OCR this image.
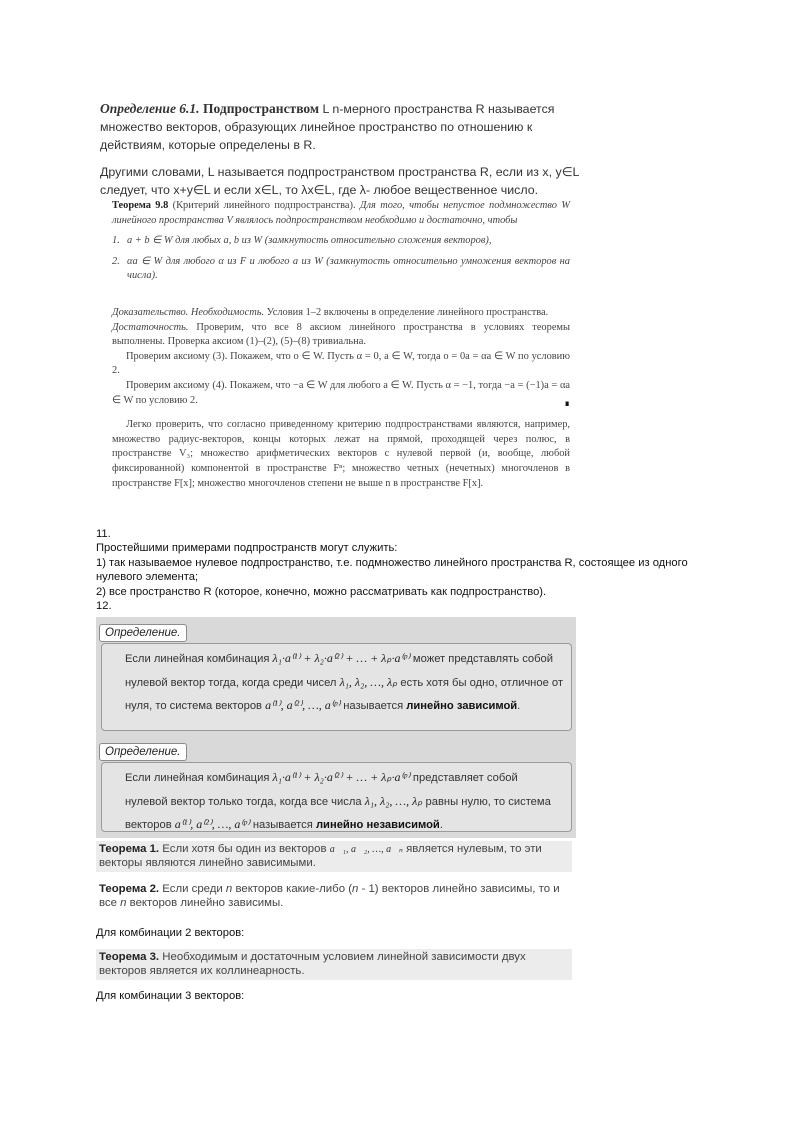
Определение 6.1. Подпространством L n-мерного пространства R называется множество векторов, образующих линейное пространство по отношению к действиям, которые определены в R.

Другими словами, L называется подпространством пространства R, если из x, y∈L следует, что x+y∈L и если x∈L, то λx∈L, где λ- любое вещественное число.

Теорема 9.8 (Критерий линейного подпространства). Для того, чтобы непустое подмножество W линейного пространства V являлось подпространством необходимо и достаточно, чтобы

1. a + b ∈ W для любых a, b из W (замкнутость относительно сложения векторов),
2. αa ∈ W для любого α из F и любого a из W (замкнутость относительно умножения векторов на числа).

Доказательство. Необходимость. Условия 1–2 включены в определение линейного пространства.

Достаточность. Проверим, что все 8 аксиом линейного пространства в условиях теоремы выполнены. Проверка аксиом (1)–(2), (5)–(8) тривиальна.

Проверим аксиому (3). Покажем, что o ∈ W. Пусть α = 0, a ∈ W, тогда o = 0a = αa ∈ W по условию 2.

Проверим аксиому (4). Покажем, что −a ∈ W для любого a ∈ W. Пусть α = −1, тогда −a = (−1)a = αa ∈ W по условию 2.	∎

Легко проверить, что согласно приведенному критерию подпространствами являются, например, множество радиус-векторов, концы которых лежат на прямой, проходящей через полюс, в пространстве V₃; множество арифметических векторов с нулевой первой (и, вообще, любой фиксированной) компонентой в пространстве Fⁿ; множество четных (нечетных) многочленов в пространстве F[x]; множество многочленов степени не выше n в пространстве F[x].

11.

Простейшими примерами подпространств могут служить:

1) так называемое нулевое подпространство, т.е. подмножество линейного пространства R, состоящее из одного нулевого элемента;

2) все пространство R (которое, конечно, можно рассматривать как подпространство).

12.

Определение.
Если линейная комбинация λ₁·a⁽¹⁾ + λ₂·a⁽²⁾ + … + λₚ·a⁽ᵖ⁾ может представлять собой нулевой вектор тогда, когда среди чисел λ₁, λ₂, …, λₚ есть хотя бы одно, отличное от нуля, то система векторов a⁽¹⁾, a⁽²⁾, …, a⁽ᵖ⁾ называется линейно зависимой.
Определение.
Если линейная комбинация λ₁·a⁽¹⁾ + λ₂·a⁽²⁾ + … + λₚ·a⁽ᵖ⁾ представляет собой нулевой вектор только тогда, когда все числа λ₁, λ₂, …, λₚ равны нулю, то система векторов a⁽¹⁾, a⁽²⁾, …, a⁽ᵖ⁾ называется линейно независимой.
Теорема 1. Если хотя бы один из векторов a⃗₁, a⃗₂, …, a⃗ₙ является нулевым, то эти векторы являются линейно зависимыми.
Теорема 2. Если среди n векторов какие-либо (n - 1) векторов линейно зависимы, то и все n векторов линейно зависимы.
Для комбинации 2 векторов:
Теорема 3. Необходимым и достаточным условием линейной зависимости двух векторов является их коллинеарность.
Для комбинации 3 векторов:
